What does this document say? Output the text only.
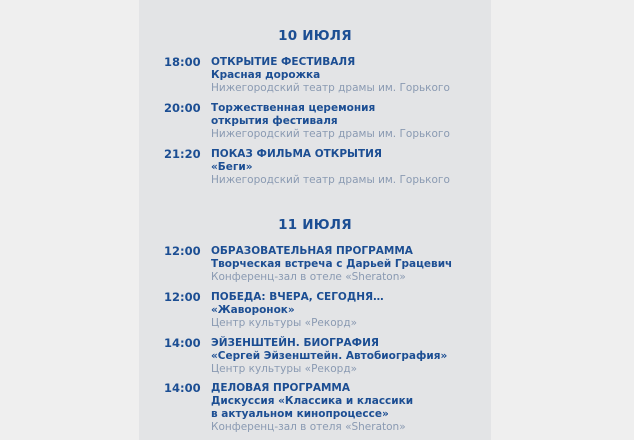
10 ИЮЛЯ
18:00 ОТКРЫТИЕ ФЕСТИВАЛЯ
Красная дорожка
Нижегородский театр драмы им. Горького
20:00 Торжественная церемония
открытия фестиваля
Нижегородский театр драмы им. Горького
21:20 ПОКАЗ ФИЛЬМА ОТКРЫТИЯ
«Беги»
Нижегородский театр драмы им. Горького
11 ИЮЛЯ
12:00 ОБРАЗОВАТЕЛЬНАЯ ПРОГРАММА
Творческая встреча с Дарьей Грацевич
Конференц-зал в отеле «Sheraton»
12:00 ПОБЕДА: ВЧЕРА, СЕГОДНЯ…
«Жаворонок»
Центр культуры «Рекорд»
14:00 ЭЙЗЕНШТЕЙН. БИОГРАФИЯ
«Сергей Эйзенштейн. Автобиография»
Центр культуры «Рекорд»
14:00 ДЕЛОВАЯ ПРОГРАММА
Дискуссия «Классика и классики
в актуальном кинопроцессе»
Конференц-зал в отеля «Sheraton»
